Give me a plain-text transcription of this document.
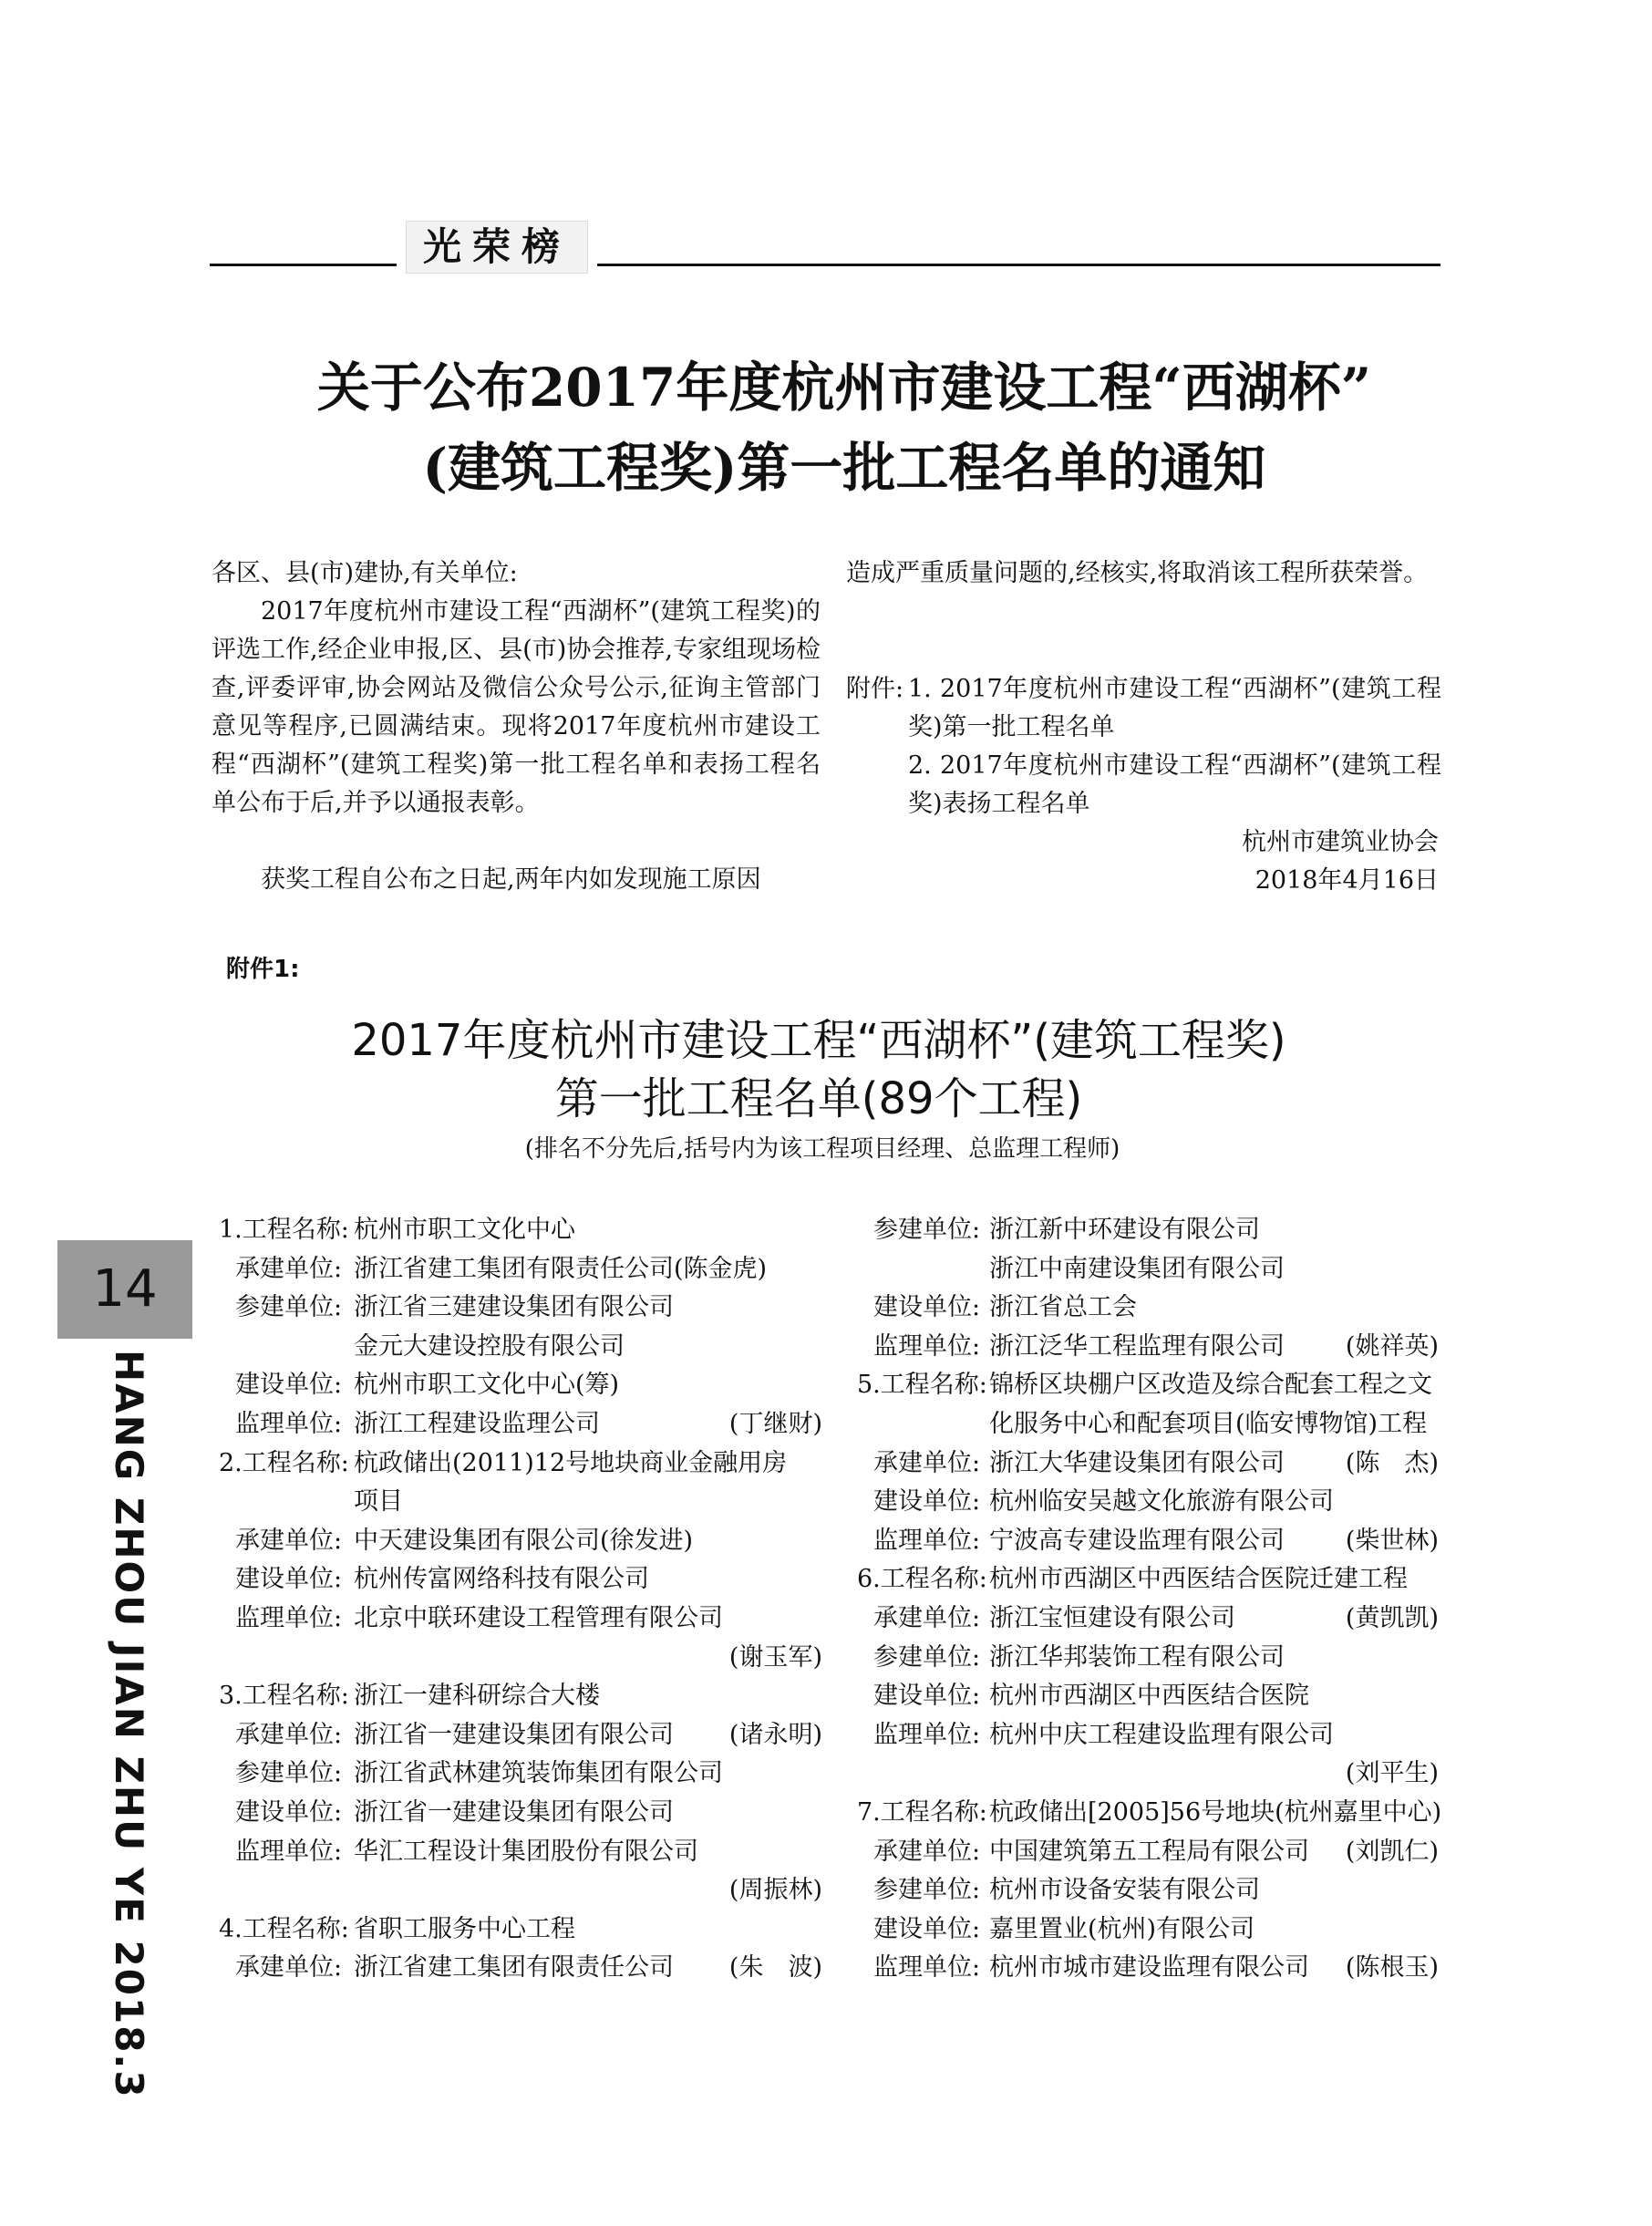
光荣榜
关于公布2017年度杭州市建设工程“西湖杯”
(建筑工程奖)第一批工程名单的通知
各区、县(市)建协,有关单位:
2017年度杭州市建设工程“西湖杯”(建筑工程奖)的评选工作,经企业申报,区、县(市)协会推荐,专家组现场检查,评委评审,协会网站及微信公众号公示,征询主管部门意见等程序,已圆满结束。现将2017年度杭州市建设工程“西湖杯”(建筑工程奖)第一批工程名单和表扬工程名单公布于后,并予以通报表彰。
获奖工程自公布之日起,两年内如发现施工原因
造成严重质量问题的,经核实,将取消该工程所获荣誉。
附件: 1. 2017年度杭州市建设工程“西湖杯”(建筑工程奖)第一批工程名单
2. 2017年度杭州市建设工程“西湖杯”(建筑工程奖)表扬工程名单
杭州市建筑业协会
2018年4月16日
附件1:
2017年度杭州市建设工程“西湖杯”(建筑工程奖)
第一批工程名单(89个工程)
(排名不分先后,括号内为该工程项目经理、总监理工程师)
14
HANG ZHOU JIAN ZHU YE 2018.3
1.工程名称: 杭州市职工文化中心
承建单位: 浙江省建工集团有限责任公司(陈金虎)
参建单位: 浙江省三建建设集团有限公司
金元大建设控股有限公司
建设单位: 杭州市职工文化中心(筹)
监理单位: 浙江工程建设监理公司	(丁继财)
2.工程名称: 杭政储出(2011)12号地块商业金融用房
项目
承建单位: 中天建设集团有限公司(徐发进)
建设单位: 杭州传富网络科技有限公司
监理单位: 北京中联环建设工程管理有限公司
(谢玉军)
3.工程名称: 浙江一建科研综合大楼
承建单位: 浙江省一建建设集团有限公司 (诸永明)
参建单位: 浙江省武林建筑装饰集团有限公司
建设单位: 浙江省一建建设集团有限公司
监理单位: 华汇工程设计集团股份有限公司
(周振林)
4.工程名称: 省职工服务中心工程
承建单位: 浙江省建工集团有限责任公司 (朱　波)
参建单位: 浙江新中环建设有限公司
浙江中南建设集团有限公司
建设单位: 浙江省总工会
监理单位: 浙江泛华工程监理有限公司 (姚祥英)
5.工程名称: 锦桥区块棚户区改造及综合配套工程之文
化服务中心和配套项目(临安博物馆)工程
承建单位: 浙江大华建设集团有限公司 (陈　杰)
建设单位: 杭州临安吴越文化旅游有限公司
监理单位: 宁波高专建设监理有限公司 (柴世林)
6.工程名称: 杭州市西湖区中西医结合医院迁建工程
承建单位: 浙江宝恒建设有限公司	(黄凯凯)
参建单位: 浙江华邦装饰工程有限公司
建设单位: 杭州市西湖区中西医结合医院
监理单位: 杭州中庆工程建设监理有限公司
(刘平生)
7.工程名称: 杭政储出[2005]56号地块(杭州嘉里中心)
承建单位: 中国建筑第五工程局有限公司 (刘凯仁)
参建单位: 杭州市设备安装有限公司
建设单位: 嘉里置业(杭州)有限公司
监理单位: 杭州市城市建设监理有限公司 (陈根玉)
